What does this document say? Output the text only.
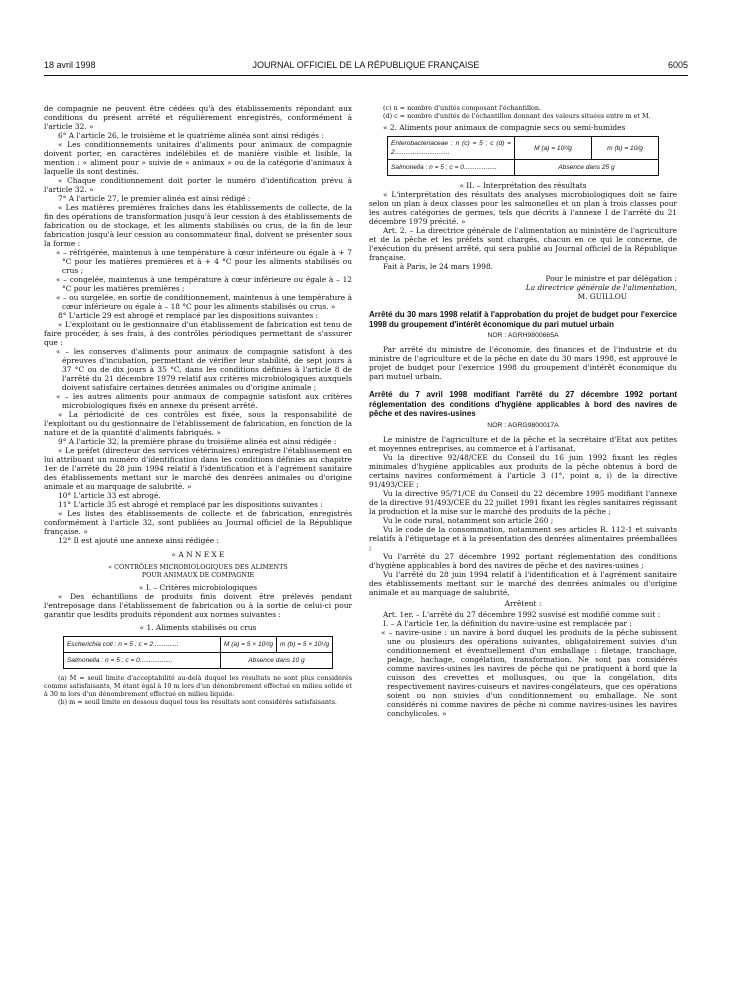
18 avril 1998	JOURNAL OFFICIEL DE LA RÉPUBLIQUE FRANÇAISE	6005

de compagnie ne peuvent être cédées qu'à des établissements répondant aux conditions du présent arrêté et régulièrement enregistrés, conformément à l'article 32. »

6° A l'article 26, le troisième et le quatrième alinéa sont ainsi rédigés :

« Les conditionnements unitaires d'aliments pour animaux de compagnie doivent porter, en caractères indélébiles et de manière visible et lisible, la mention : « aliment pour » suivie de « animaux » ou de la catégorie d'animaux à laquelle ils sont destinés.

« Chaque conditionnement doit porter le numéro d'identification prévu à l'article 32. »

7° A l'article 27, le premier alinéa est ainsi rédigé :

« Les matières premières fraîches dans les établissements de collecte, de la fin des opérations de transformation jusqu'à leur cession à des établissements de fabrication ou de stockage, et les aliments stabilisés ou crus, de la fin de leur fabrication jusqu'à leur cession au consommateur final, doivent se présenter sous la forme :

« – réfrigérée, maintenus à une température à cœur inférieure ou égale à + 7 °C pour les matières premières et à + 4 °C pour les aliments stabilisés ou crus ;

« – congelée, maintenus à une température à cœur inférieure ou égale à – 12 °C pour les matières premières ;

« – ou surgelée, en sortie de conditionnement, maintenus à une température à cœur inférieure ou égale à – 18 °C pour les aliments stabilisés ou crus. »

8° L'article 29 est abrogé et remplacé par les dispositions suivantes :

« L'exploitant ou le gestionnaire d'un établissement de fabrication est tenu de faire procéder, à ses frais, à des contrôles périodiques permettant de s'assurer que :

« – les conserves d'aliments pour animaux de compagnie satisfont à des épreuves d'incubation, permettant de vérifier leur stabilité, de sept jours à 37 °C ou de dix jours à 35 °C, dans les conditions définies à l'article 8 de l'arrêté du 21 décembre 1979 relatif aux critères microbiologiques auxquels doivent satisfaire certaines denrées animales ou d'origine animale ;

« – les autres aliments pour animaux de compagnie satisfont aux critères microbiologiques fixés en annexe du présent arrêté.

« La périodicité de ces contrôles est fixée, sous la responsabilité de l'exploitant ou du gestionnaire de l'établissement de fabrication, en fonction de la nature et de la quantité d'aliments fabriqués. »

9° A l'article 32, la première phrase du troisième alinéa est ainsi rédigée :

« Le préfet (directeur des services vétérinaires) enregistre l'établissement en lui attribuant un numéro d'identification dans les conditions définies au chapitre 1er de l'arrêté du 28 juin 1994 relatif à l'identification et à l'agrément sanitaire des établissements mettant sur le marché des denrées animales ou d'origine animale et au marquage de salubrité. »

10° L'article 33 est abrogé.

11° L'article 35 est abrogé et remplacé par les dispositions suivantes :

« Les listes des établissements de collecte et de fabrication, enregistrés conformément à l'article 32, sont publiées au Journal officiel de la République française. »

12° Il est ajouté une annexe ainsi rédigée :

« A N N E X E

« CONTRÔLES MICROBIOLOGIQUES DES ALIMENTS

POUR ANIMAUX DE COMPAGNIE

« I. – Critères microbiologiques

« Des échantillons de produits finis doivent être prélevés pendant l'entreposage dans l'établissement de fabrication ou à la sortie de celui-ci pour garantir que lesdits produits répondent aux normes suivantes :

« 1. Aliments stabilisés ou crus

Escherichia coli : n = 5 ; c = 2..............	M (a) = 5 × 10²/g	m (b) = 5 × 10¹/g
Salmonella : n = 5 ; c = 0..................	Absence dans 10 g	

(a) M = seuil limite d'acceptabilité au-delà duquel les résultats ne sont plus considérés comme satisfaisants, M étant égal à 10 m lors d'un dénombrement effectué en milieu solide et à 30 m lors d'un dénombrement effectué en milieu liquide.

(b) m = seuil limite en dessous duquel tous les résultats sont considérés satisfaisants.

(c) n = nombre d'unités composant l'échantillon.

(d) c = nombre d'unités de l'échantillon donnant des valeurs situées entre m et M.

« 2. Aliments pour animaux de compagnie secs ou semi-humides

Enterobacteriaceae : n (c) = 5 ; c (d) = 2..............................	M (a) = 10²/g	m (b) = 10/g
Salmonella : n = 5 ; c = 0..................	Absence dans 25 g	

« II. – Interprétation des résultats

« L'interprétation des résultats des analyses microbiologiques doit se faire selon un plan à deux classes pour les salmonelles et un plan à trois classes pour les autres catégories de germes, tels que décrits à l'annexe I de l'arrêté du 21 décembre 1979 précité. »

Art. 2. – La directrice générale de l'alimentation au ministère de l'agriculture et de la pêche et les préfets sont chargés, chacun en ce qui le concerne, de l'exécution du présent arrêté, qui sera publié au Journal officiel de la République française.

Fait à Paris, le 24 mars 1998.

Pour le ministre et par délégation :

La directrice générale de l'alimentation,

M. GUILLOU

Arrêté du 30 mars 1998 relatif à l'approbation du projet de budget pour l'exercice 1998 du groupement d'intérêt économique du pari mutuel urbain
NOR : AGRH9800665A

Par arrêté du ministre de l'économie, des finances et de l'industrie et du ministre de l'agriculture et de la pêche en date du 30 mars 1998, est approuvé le projet de budget pour l'exercice 1998 du groupement d'intérêt économique du pari mutuel urbain.

Arrêté du 7 avril 1998 modifiant l'arrêté du 27 décembre 1992 portant réglementation des conditions d'hygiène applicables à bord des navires de pêche et des navires-usines
NOR : AGRG9800017A

Le ministre de l'agriculture et de la pêche et la secrétaire d'Etat aux petites et moyennes entreprises, au commerce et à l'artisanat,

Vu la directive 92/48/CEE du Conseil du 16 juin 1992 fixant les règles minimales d'hygiène applicables aux produits de la pêche obtenus à bord de certains navires conformément à l'article 3 (1°, point a, i) de la directive 91/493/CEE ;

Vu la directive 95/71/CE du Conseil du 22 décembre 1995 modifiant l'annexe de la directive 91/493/CEE du 22 juillet 1991 fixant les règles sanitaires régissant la production et la mise sur le marché des produits de la pêche ;

Vu le code rural, notamment son article 260 ;

Vu le code de la consommation, notamment ses articles R. 112-1 et suivants relatifs à l'étiquetage et à la présentation des denrées alimentaires préemballées ;

Vu l'arrêté du 27 décembre 1992 portant réglementation des conditions d'hygiène applicables à bord des navires de pêche et des navires-usines ;

Vu l'arrêté du 28 juin 1994 relatif à l'identification et à l'agrément sanitaire des établissements mettant sur le marché des denrées animales ou d'origine animale et au marquage de salubrité,

Arrêtent :

Art. 1er. – L'arrêté du 27 décembre 1992 susvisé est modifié comme suit :

I. – A l'article 1er, la définition du navire-usine est remplacée par :

« – navire-usine : un navire à bord duquel les produits de la pêche subissent une ou plusieurs des opérations suivantes, obligatoirement suivies d'un conditionnement et éventuellement d'un emballage : filetage, tranchage, pelage, hachage, congélation, transformation. Ne sont pas considérés comme navires-usines les navires de pêche qui ne pratiquent à bord que la cuisson des crevettes et mollusques, ou que la congélation, dits respectivement navires-cuiseurs et navires-congélateurs, que ces opérations soient ou non suivies d'un conditionnement ou emballage. Ne sont considérés ni comme navires de pêche ni comme navires-usines les navires conchylicoles. »
